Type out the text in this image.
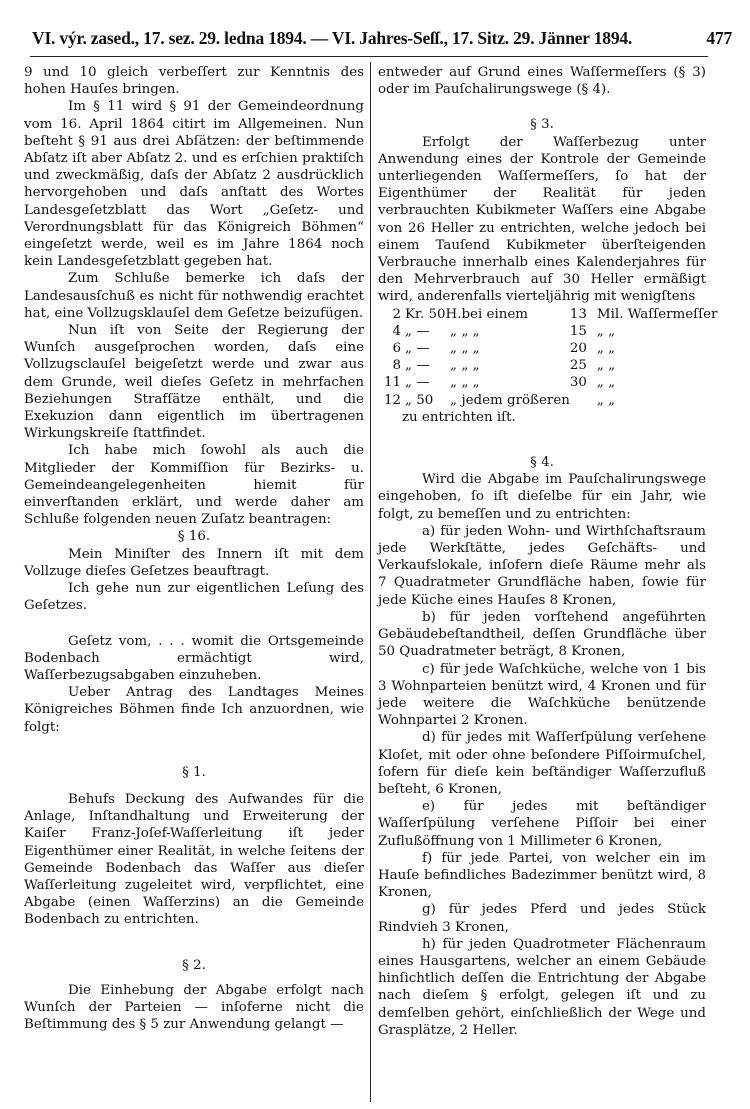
VI. výr. zased., 17. sez. 29. ledna 1894. — VI. Jahres-Seſſ., 17. Sitz. 29. Jänner 1894.	477

9 und 10 gleich verbeſſert zur Kenntnis des hohen Hauſes bringen.

Im § 11 wird § 91 der Gemeindeordnung vom 16. April 1864 citirt im Allgemeinen. Nun beſteht § 91 aus drei Abſätzen: der beſtimmende Abſatz iſt aber Abſatz 2. und es erſchien praktiſch und zweckmäßig, daſs der Abſatz 2 ausdrücklich hervorgehoben und daſs anſtatt des Wortes Landesgeſetzblatt das Wort „Geſetz- und Verordnungsblatt für das Königreich Böhmen“ eingeſetzt werde, weil es im Jahre 1864 noch kein Landesgeſetzblatt gegeben hat.

Zum Schluße bemerke ich daſs der Landesausſchuß es nicht für nothwendig erachtet hat, eine Vollzugsklauſel dem Geſetze beizufügen.

Nun iſt von Seite der Regierung der Wunſch ausgeſprochen worden, daſs eine Vollzugsclauſel beigeſetzt werde und zwar aus dem Grunde, weil dieſes Geſetz in mehrfachen Beziehungen Strafſätze enthält, und die Exekuzion dann eigentlich im übertragenen Wirkungskreiſe ſtattfindet.

Ich habe mich ſowohl als auch die Mitglieder der Kommiſſion für Bezirks- u. Gemeindeangelegenheiten hiemit für einverſtanden erklärt, und werde daher am Schluße folgenden neuen Zuſatz beantragen:

§ 16.

Mein Miniſter des Innern iſt mit dem Vollzuge dieſes Geſetzes beauftragt.

Ich gehe nun zur eigentlichen Leſung des Geſetzes.

Geſetz vom, . . . womit die Ortsgemeinde Bodenbach ermächtigt wird, Waſſerbezugsabgaben einzuheben.

Ueber Antrag des Landtages Meines Königreiches Böhmen finde Ich anzuordnen, wie folgt:

§ 1.

Behufs Deckung des Aufwandes für die Anlage, Inſtandhaltung und Erweiterung der Kaiſer Franz-Joſef-Waſſerleitung iſt jeder Eigenthümer einer Realität, in welche ſeitens der Gemeinde Bodenbach das Waſſer aus dieſer Waſſerleitung zugeleitet wird, verpflichtet, eine Abgabe (einen Waſſerzins) an die Gemeinde Bodenbach zu entrichten.

§ 2.

Die Einhebung der Abgabe erfolgt nach Wunſch der Parteien — inſoferne nicht die Beſtimmung des § 5 zur Anwendung gelangt —

entweder auf Grund eines Waſſermeſſers (§ 3) oder im Pauſchalirungswege (§ 4).

§ 3.

Erfolgt der Waſſerbezug unter Anwendung eines der Kontrole der Gemeinde unterliegenden Waſſermeſſers, ſo hat der Eigenthümer der Realität für jeden verbrauchten Kubikmeter Waſſers eine Abgabe von 26 Heller zu entrichten, welche jedoch bei einem Tauſend Kubikmeter überſteigenden Verbrauche innerhalb eines Kalenderjahres für den Mehrverbrauch auf 30 Heller ermäßigt wird, anderenfalls vierteljährig mit wenigſtens

2	Kr. 50	H.	bei einem	13	Mil. Waſſermeſſer
4	„ —	„	„ „	15	„ „
6	„ —	„	„ „	20	„ „
8	„ —	„	„ „	25	„ „
11	„ —	„	„ „	30	„ „
12	„ 50	„	jedem größeren		„ „

zu entrichten iſt.

§ 4.

Wird die Abgabe im Pauſchalirungswege eingehoben, ſo iſt dieſelbe für ein Jahr, wie folgt, zu bemeſſen und zu entrichten:

a) für jeden Wohn- und Wirthſchaftsraum jede Werkſtätte, jedes Geſchäfts- und Verkaufslokale, inſofern dieſe Räume mehr als 7 Quadratmeter Grundfläche haben, ſowie für jede Küche eines Hauſes 8 Kronen,

b) für jeden vorſtehend angeführten Gebäudebeſtandtheil, deſſen Grundfläche über 50 Quadratmeter beträgt, 8 Kronen,

c) für jede Waſchküche, welche von 1 bis 3 Wohnparteien benützt wird, 4 Kronen und für jede weitere die Waſchküche benützende Wohnpartei 2 Kronen.

d) für jedes mit Waſſerſpülung verſehene Kloſet, mit oder ohne beſondere Piſſoirmuſchel, ſofern für dieſe kein beſtändiger Waſſerzufluß beſteht, 6 Kronen,

e) für jedes mit beſtändiger Waſſerſpülung verſehene Piſſoir bei einer Zuflußöffnung von 1 Millimeter 6 Kronen,

f) für jede Partei, von welcher ein im Hauſe befindliches Badezimmer benützt wird, 8 Kronen,

g) für jedes Pferd und jedes Stück Rindvieh 3 Kronen,

h) für jeden Quadrotmeter Flächenraum eines Hausgartens, welcher an einem Gebäude hinſichtlich deſſen die Entrichtung der Abgabe nach dieſem § erfolgt, gelegen iſt und zu demſelben gehört, einſchließlich der Wege und Grasplätze, 2 Heller.
